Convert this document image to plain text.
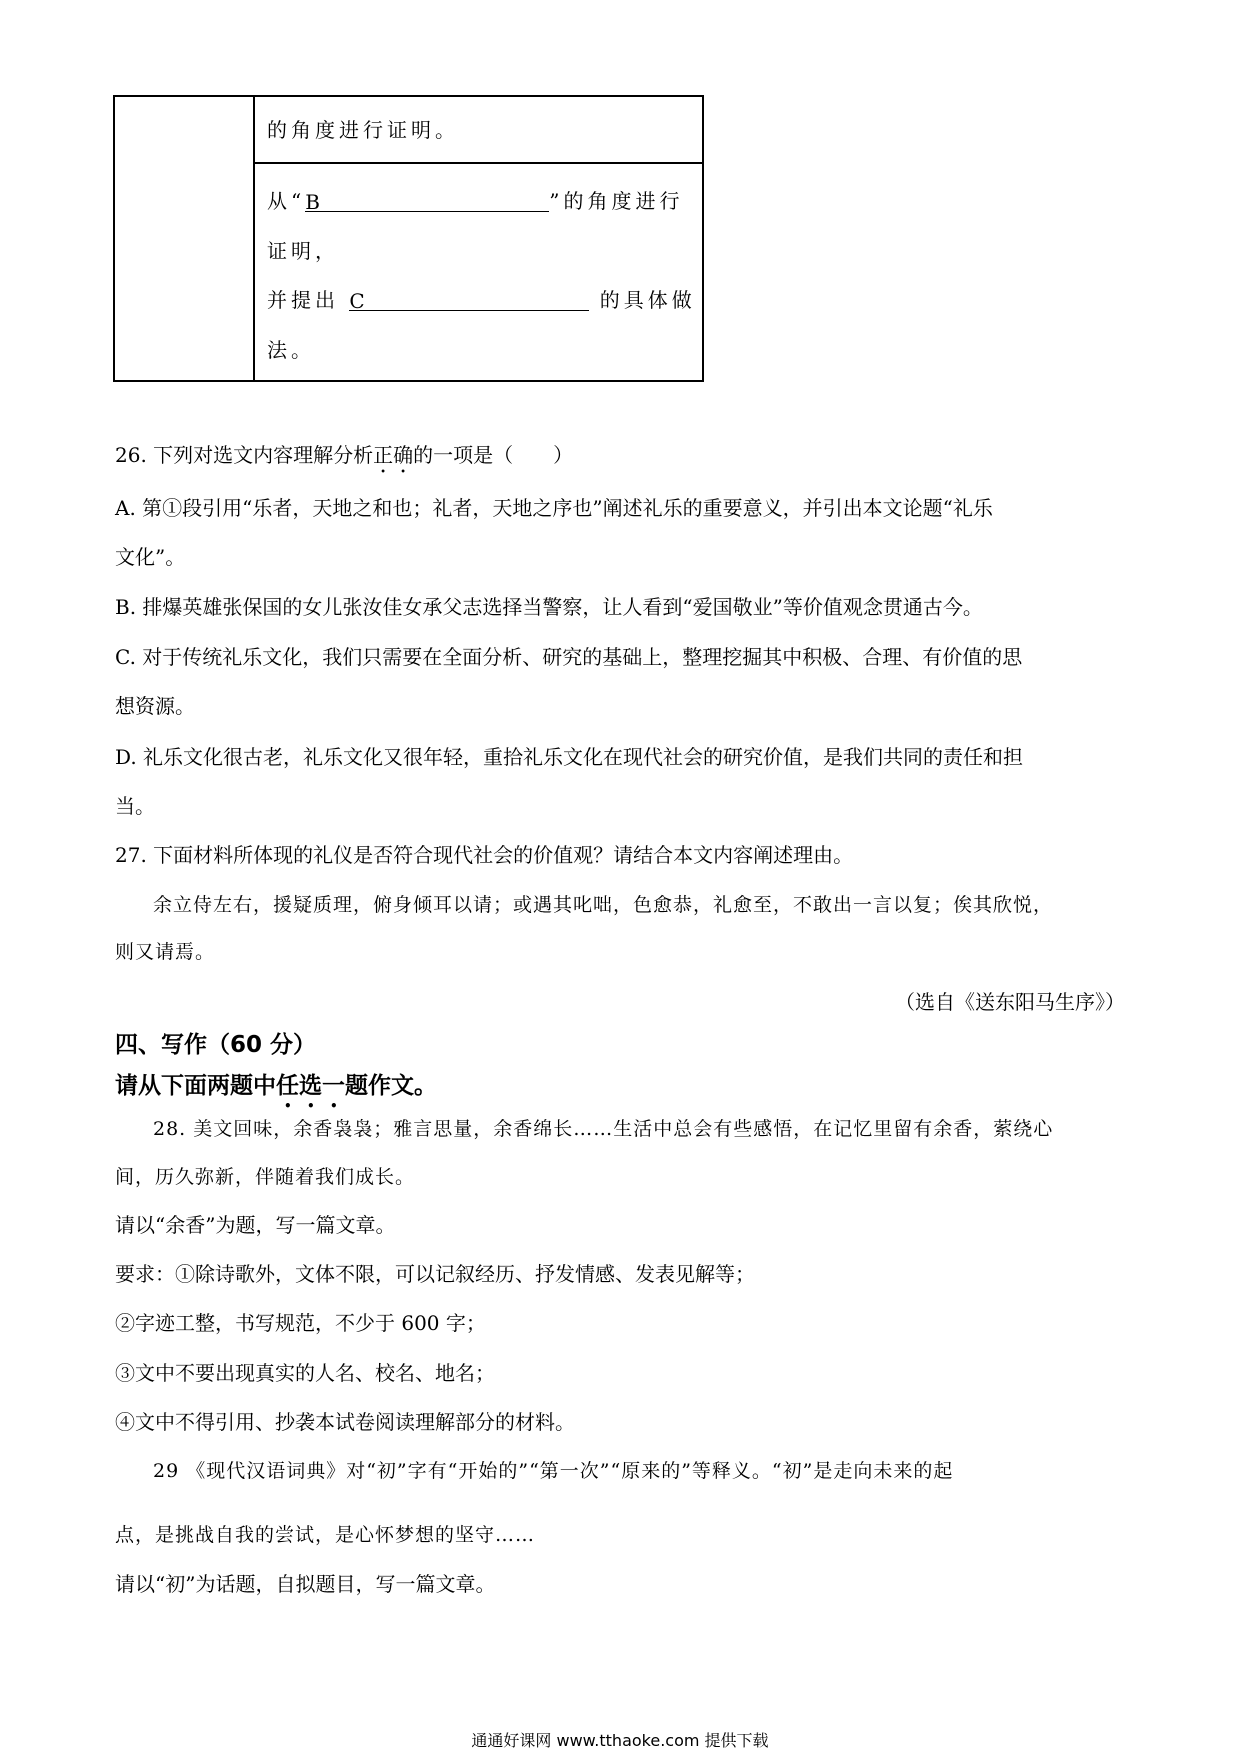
的角度进行证明。
从“B	”的角度进行
证明，
并提出 C	的具体做
法。
26. 下列对选文内容理解分析正确的一项是（　　）
A. 第①段引用“乐者，天地之和也；礼者，天地之序也”阐述礼乐的重要意义，并引出本文论题“礼乐
文化”。
B. 排爆英雄张保国的女儿张汝佳女承父志选择当警察，让人看到“爱国敬业”等价值观念贯通古今。
C. 对于传统礼乐文化，我们只需要在全面分析、研究的基础上，整理挖掘其中积极、合理、有价值的思
想资源。
D. 礼乐文化很古老，礼乐文化又很年轻，重拾礼乐文化在现代社会的研究价值，是我们共同的责任和担
当。
27. 下面材料所体现的礼仪是否符合现代社会的价值观？请结合本文内容阐述理由。
余立侍左右，援疑质理，俯身倾耳以请；或遇其叱咄，色愈恭，礼愈至，不敢出一言以复；俟其欣悦，
则又请焉。
（选自《送东阳马生序》）
四、写作（60 分）
请从下面两题中任选一题作文。
28. 美文回味，余香袅袅；雅言思量，余香绵长……生活中总会有些感悟，在记忆里留有余香，萦绕心
间，历久弥新，伴随着我们成长。
请以“余香”为题，写一篇文章。
要求：①除诗歌外，文体不限，可以记叙经历、抒发情感、发表见解等；
②字迹工整，书写规范，不少于 600 字；
③文中不要出现真实的人名、校名、地名；
④文中不得引用、抄袭本试卷阅读理解部分的材料。
29 《现代汉语词典》对“初”字有“开始的”“第一次”“原来的”等释义。“初”是走向未来的起
点，是挑战自我的尝试，是心怀梦想的坚守……
请以“初”为话题，自拟题目，写一篇文章。
通通好课网 www.tthaoke.com 提供下载
